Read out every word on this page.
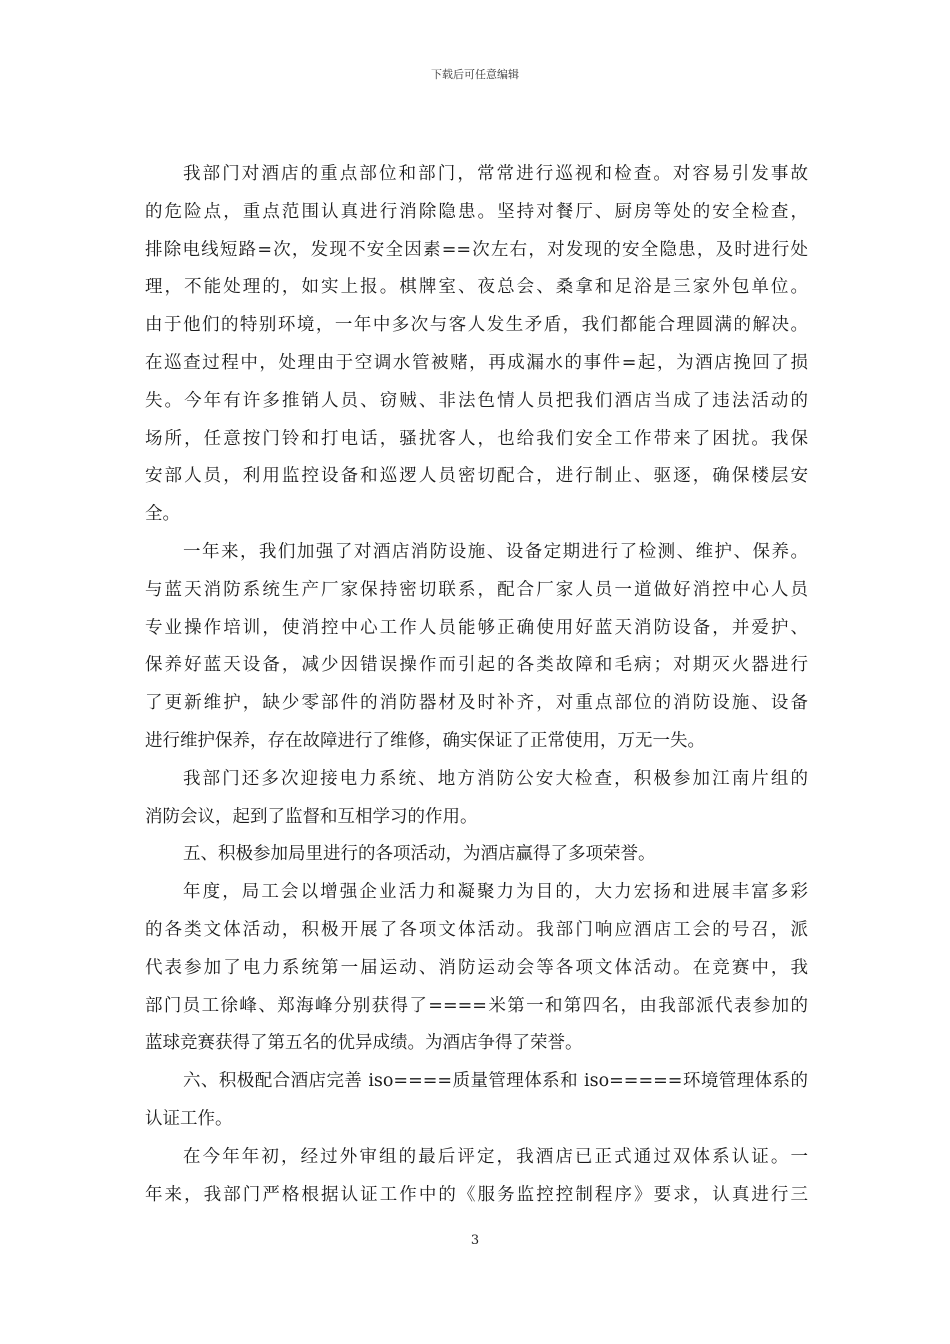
下载后可任意编辑
我部门对酒店的重点部位和部门，常常进行巡视和检查。对容易引发事故
的危险点，重点范围认真进行消除隐患。坚持对餐厅、厨房等处的安全检查，
排除电线短路=次，发现不安全因素==次左右，对发现的安全隐患，及时进行处
理，不能处理的，如实上报。棋牌室、夜总会、桑拿和足浴是三家外包单位。
由于他们的特别环境，一年中多次与客人发生矛盾，我们都能合理圆满的解决。
在巡查过程中，处理由于空调水管被赌，再成漏水的事件=起，为酒店挽回了损
失。今年有许多推销人员、窃贼、非法色情人员把我们酒店当成了违法活动的
场所，任意按门铃和打电话，骚扰客人，也给我们安全工作带来了困扰。我保
安部人员，利用监控设备和巡逻人员密切配合，进行制止、驱逐，确保楼层安
全。
一年来，我们加强了对酒店消防设施、设备定期进行了检测、维护、保养。
与蓝天消防系统生产厂家保持密切联系，配合厂家人员一道做好消控中心人员
专业操作培训，使消控中心工作人员能够正确使用好蓝天消防设备，并爱护、
保养好蓝天设备，减少因错误操作而引起的各类故障和毛病；对期灭火器进行
了更新维护，缺少零部件的消防器材及时补齐，对重点部位的消防设施、设备
进行维护保养，存在故障进行了维修，确实保证了正常使用，万无一失。
我部门还多次迎接电力系统、地方消防公安大检查，积极参加江南片组的
消防会议，起到了监督和互相学习的作用。
五、积极参加局里进行的各项活动，为酒店赢得了多项荣誉。
年度，局工会以增强企业活力和凝聚力为目的，大力宏扬和进展丰富多彩
的各类文体活动，积极开展了各项文体活动。我部门响应酒店工会的号召，派
代表参加了电力系统第一届运动、消防运动会等各项文体活动。在竞赛中，我
部门员工徐峰、郑海峰分别获得了====米第一和第四名，由我部派代表参加的
蓝球竞赛获得了第五名的优异成绩。为酒店争得了荣誉。
六、积极配合酒店完善 iso====质量管理体系和 iso=====环境管理体系的
认证工作。
在今年年初，经过外审组的最后评定，我酒店已正式通过双体系认证。一
年来，我部门严格根据认证工作中的《服务监控控制程序》要求，认真进行三
3
